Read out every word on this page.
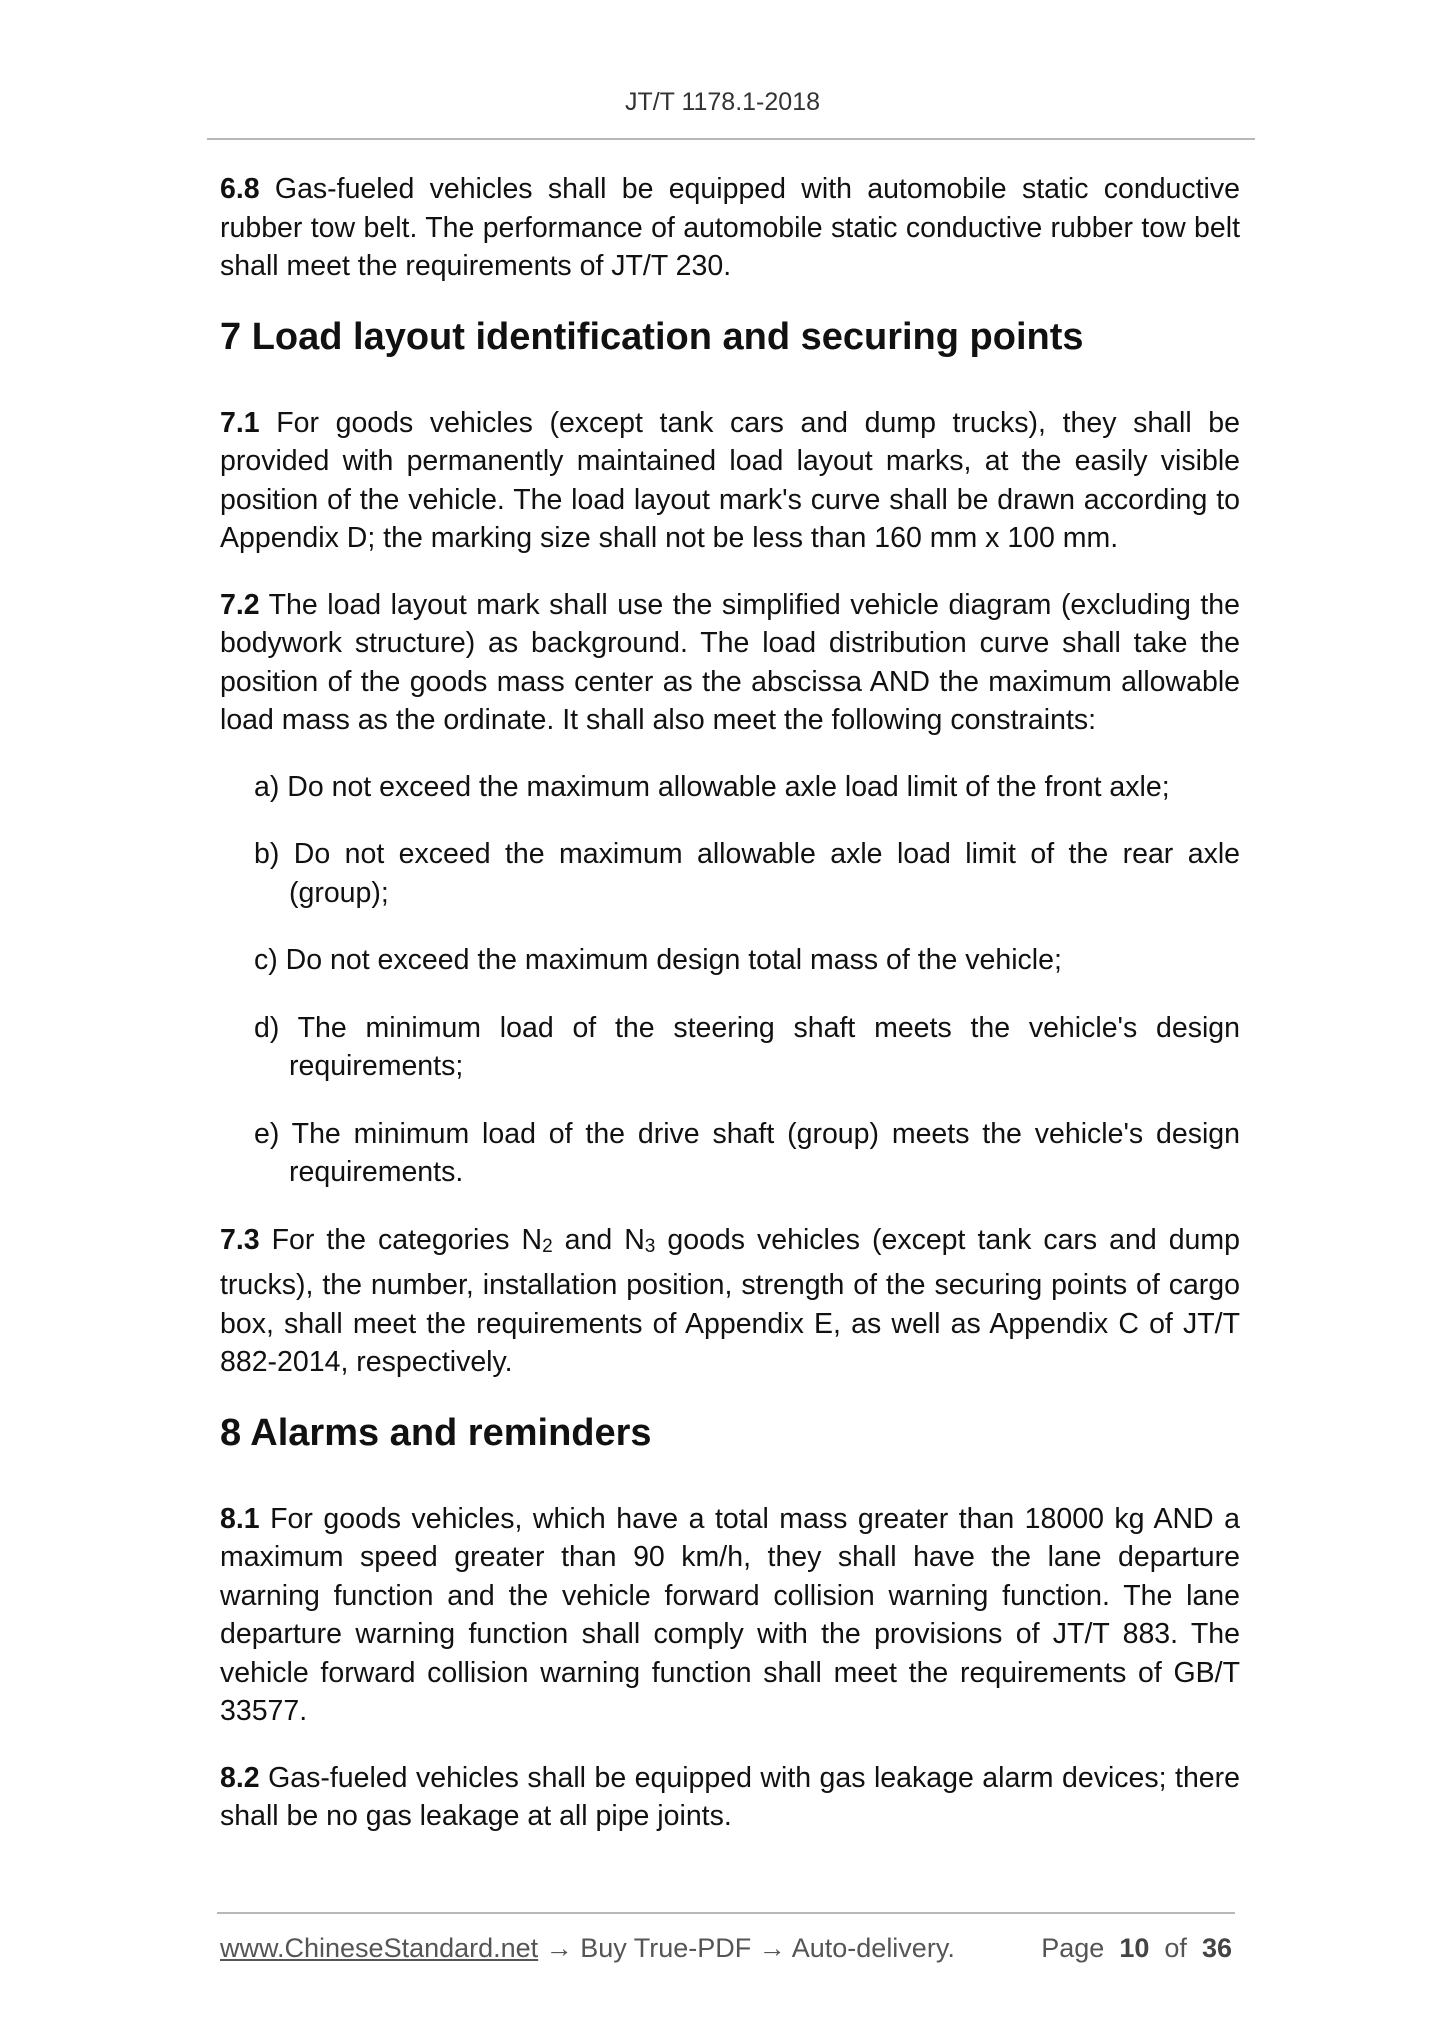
JT/T 1178.1-2018

6.8 Gas-fueled vehicles shall be equipped with automobile static conductive rubber tow belt. The performance of automobile static conductive rubber tow belt shall meet the requirements of JT/T 230.

7 Load layout identification and securing points

7.1 For goods vehicles (except tank cars and dump trucks), they shall be provided with permanently maintained load layout marks, at the easily visible position of the vehicle. The load layout mark's curve shall be drawn according to Appendix D; the marking size shall not be less than 160 mm x 100 mm.

7.2 The load layout mark shall use the simplified vehicle diagram (excluding the bodywork structure) as background. The load distribution curve shall take the position of the goods mass center as the abscissa AND the maximum allowable load mass as the ordinate. It shall also meet the following constraints:

a) Do not exceed the maximum allowable axle load limit of the front axle;
b) Do not exceed the maximum allowable axle load limit of the rear axle (group);
c) Do not exceed the maximum design total mass of the vehicle;
d) The minimum load of the steering shaft meets the vehicle's design requirements;
e) The minimum load of the drive shaft (group) meets the vehicle's design requirements.

7.3 For the categories $N_2$ and $N_3$ goods vehicles (except tank cars and dump trucks), the number, installation position, strength of the securing points of cargo box, shall meet the requirements of Appendix E, as well as Appendix C of JT/T 882-2014, respectively.

8 Alarms and reminders

8.1 For goods vehicles, which have a total mass greater than 18000 kg AND a maximum speed greater than 90 km/h, they shall have the lane departure warning function and the vehicle forward collision warning function. The lane departure warning function shall comply with the provisions of JT/T 883. The vehicle forward collision warning function shall meet the requirements of GB/T 33577.

8.2 Gas-fueled vehicles shall be equipped with gas leakage alarm devices; there shall be no gas leakage at all pipe joints.

www.ChineseStandard.net → Buy True-PDF → Auto-delivery.	Page 10 of 36
